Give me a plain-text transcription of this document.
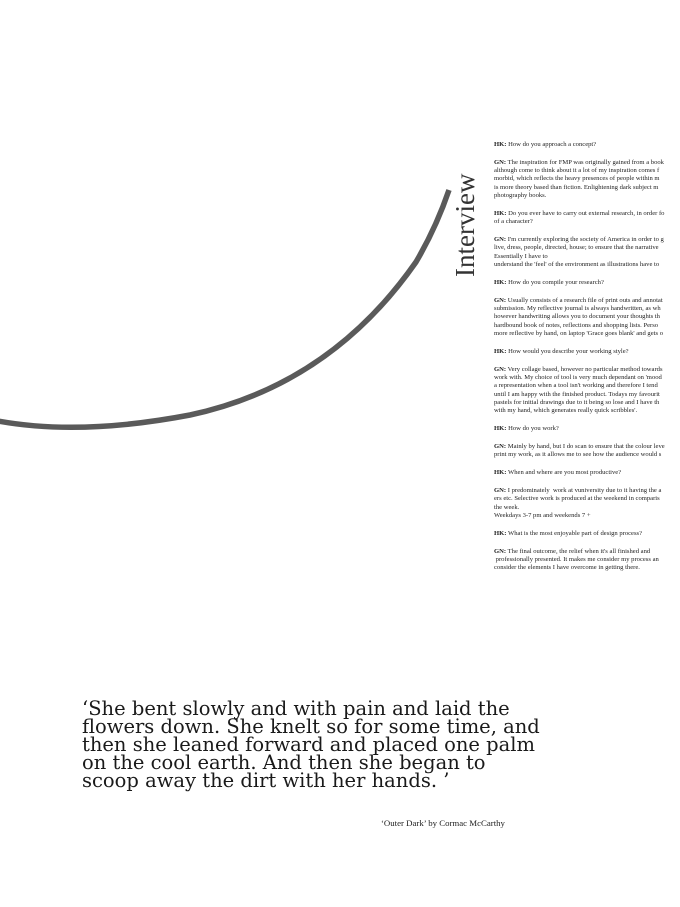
Interview

HK: How do you approach a concept?

GN: The inspiration for FMP was originally gained from a book
although come to think about it a lot of my inspiration comes f
morbid, which reflects the heavy presences of people within m
is more theory based than fiction. Enlightening dark subject m
photography books.

HK: Do you ever have to carry out external research, in order fo
of a character?

GN: I'm currently exploring the society of America in order to g
live, dress, people, directed, house; to ensure that the narrative
Essentially I have to
understand the 'feel' of the environment as illustrations have to

HK: How do you compile your research?

GN: Usually consists of a research file of print outs and annotat
submission. My reflective journal is always handwritten, as wh
however handwriting allows you to document your thoughts th
hardbound book of notes, reflections and shopping lists. Perso
more reflective by hand, on laptop 'Grace goes blank' and gets o

HK: How would you describe your working style?

GN: Very collage based, however no particular method towards
work with. My choice of tool is very much dependant on 'mood
a representation when a tool isn't working and therefore I tend
until I am happy with the finished product. Todays my favourit
pastels for initial drawings due to it being so lose and I have th
with my hand, which generates really quick scribbles'.

HK: How do you work?

GN: Mainly by hand, but I do scan to ensure that the colour leve
print my work, as it allows me to see how the audience would s

HK: When and where are you most productive?

GN: I predominately  work at vuniversity due to it having the a
ers etc. Selective work is produced at the weekend in comparis
the week.
Weekdays 3-7 pm and weekends 7 +

HK: What is the most enjoyable part of design process?

GN: The final outcome, the relief when it's all finished and
professionally presented. It makes me consider my process an
consider the elements I have overcome in getting there.

‘She bent slowly and with pain and laid the flowers down. She knelt so for some time, and then she leaned forward and placed one palm on the cool earth. And then she began to scoop away the dirt with her hands. ’

‘Outer Dark’ by Cormac McCarthy
